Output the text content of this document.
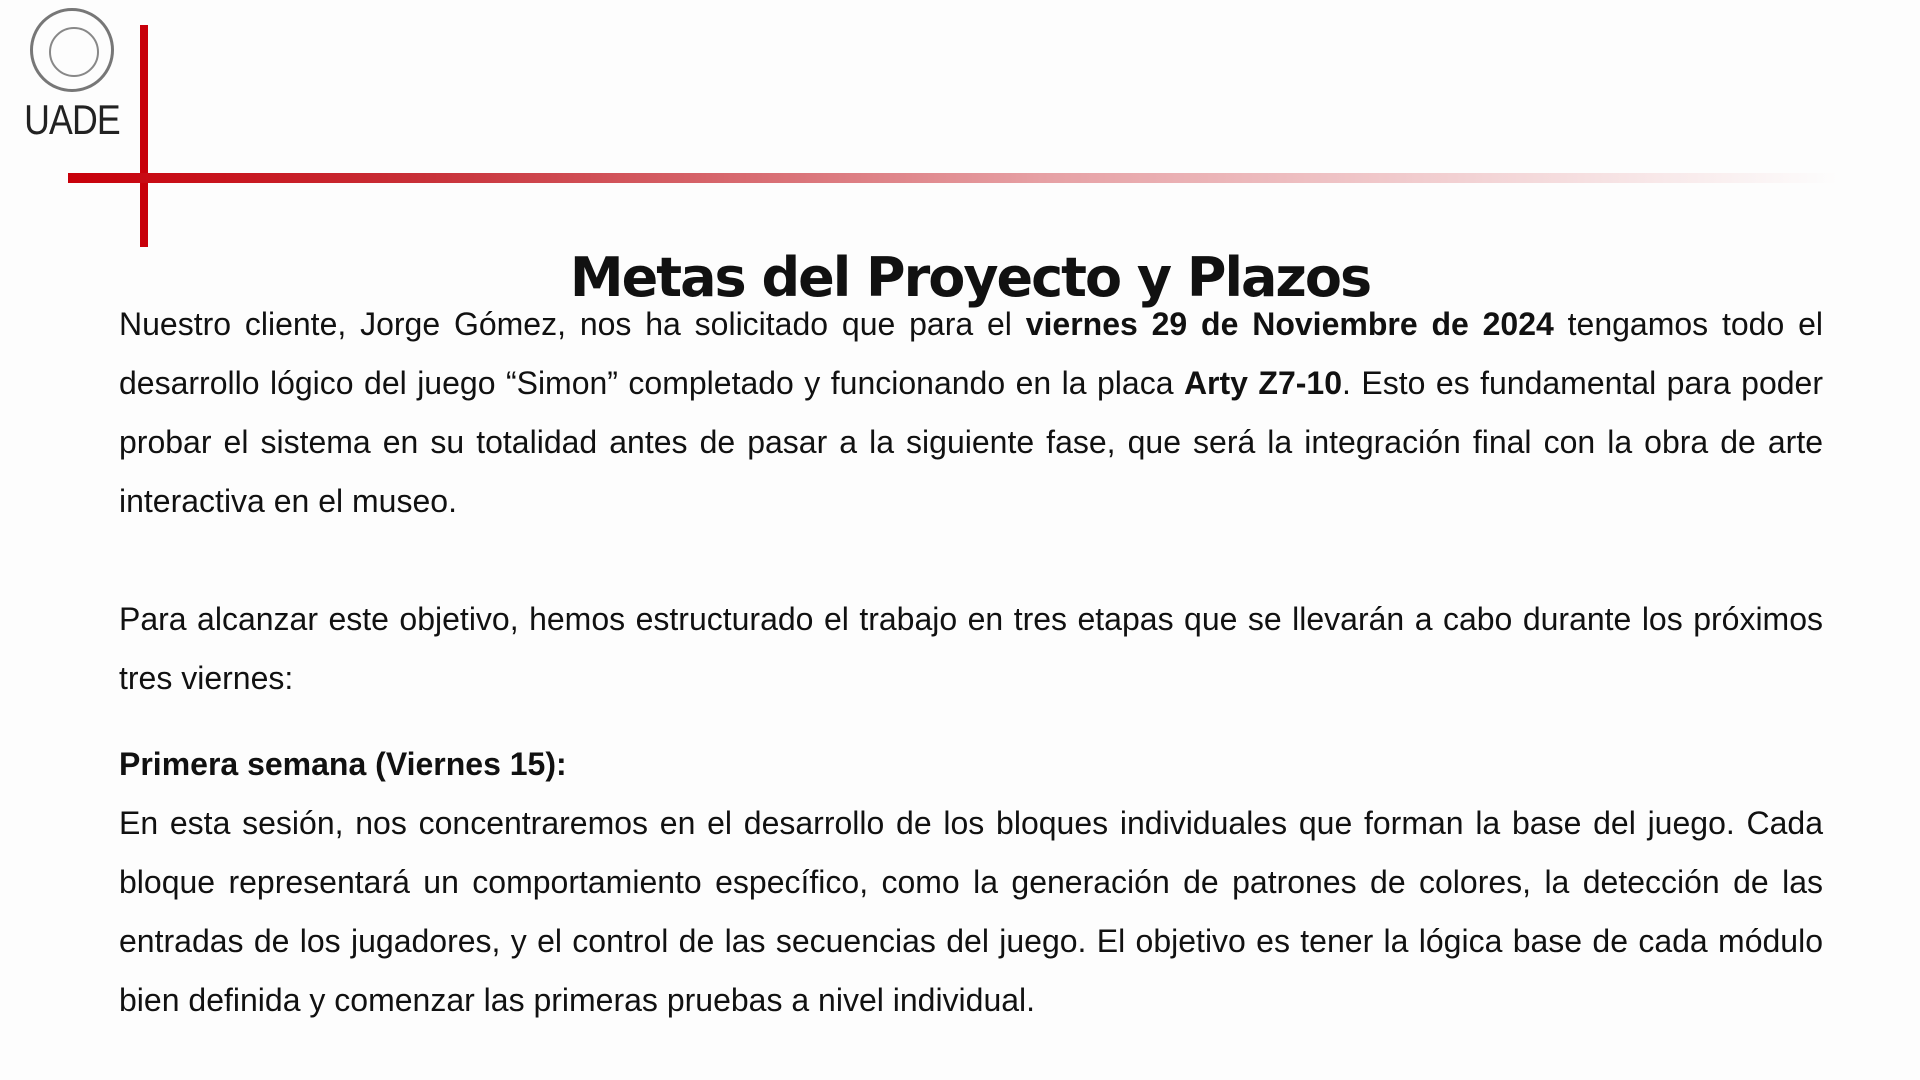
UADE
Metas del Proyecto y Plazos

Nuestro cliente, Jorge Gómez, nos ha solicitado que para el viernes 29 de Noviembre de 2024 tengamos todo el desarrollo lógico del juego “Simon” completado y funcionando en la placa Arty Z7-10. Esto es fundamental para poder probar el sistema en su totalidad antes de pasar a la siguiente fase, que será la integración final con la obra de arte interactiva en el museo.

Para alcanzar este objetivo, hemos estructurado el trabajo en tres etapas que se llevarán a cabo durante los próximos tres viernes:

Primera semana (Viernes 15):

En esta sesión, nos concentraremos en el desarrollo de los bloques individuales que forman la base del juego. Cada bloque representará un comportamiento específico, como la generación de patrones de colores, la detección de las entradas de los jugadores, y el control de las secuencias del juego. El objetivo es tener la lógica base de cada módulo bien definida y comenzar las primeras pruebas a nivel individual.
